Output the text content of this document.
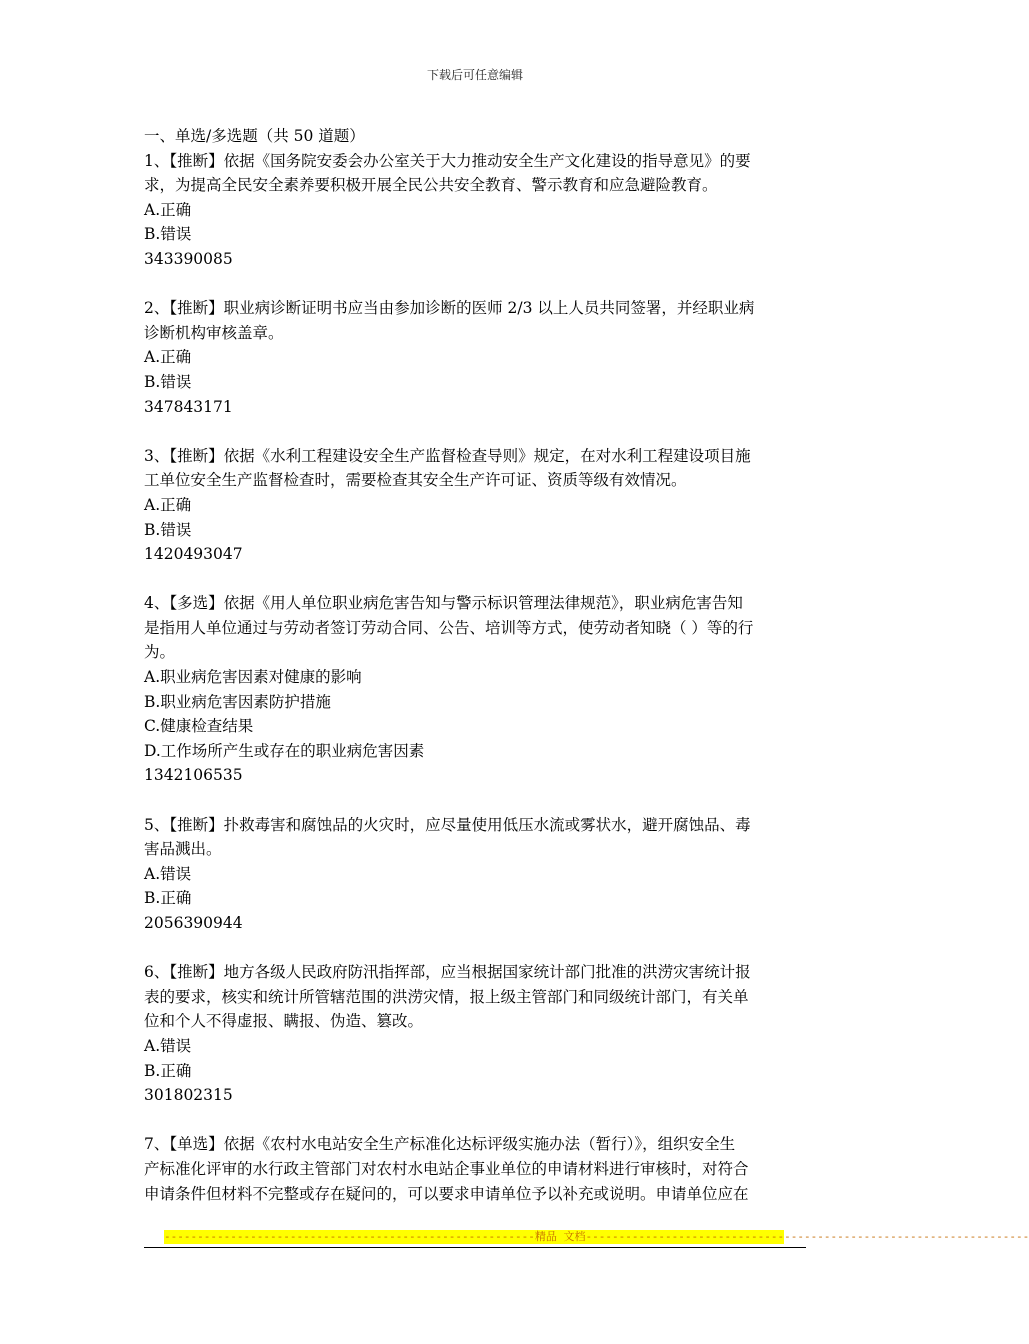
下载后可任意编辑
一、单选/多选题（共 50 道题）
1、【推断】依据《国务院安委会办公室关于大力推动安全生产文化建设的指导意见》的要
求，为提高全民安全素养要积极开展全民公共安全教育、警示教育和应急避险教育。
A.正确
B.错误
343390085
2、【推断】职业病诊断证明书应当由参加诊断的医师 2/3 以上人员共同签署，并经职业病
诊断机构审核盖章。
A.正确
B.错误
347843171
3、【推断】依据《水利工程建设安全生产监督检查导则》规定，在对水利工程建设项目施
工单位安全生产监督检查时，需要检查其安全生产许可证、资质等级有效情况。
A.正确
B.错误
1420493047
4、【多选】依据《用人单位职业病危害告知与警示标识管理法律规范》，职业病危害告知
是指用人单位通过与劳动者签订劳动合同、公告、培训等方式，使劳动者知晓（ ）等的行
为。
A.职业病危害因素对健康的影响
B.职业病危害因素防护措施
C.健康检查结果
D.工作场所产生或存在的职业病危害因素
1342106535
5、【推断】扑救毒害和腐蚀品的火灾时，应尽量使用低压水流或雾状水，避开腐蚀品、毒
害品溅出。
A.错误
B.正确
2056390944
6、【推断】地方各级人民政府防汛指挥部，应当根据国家统计部门批准的洪涝灾害统计报
表的要求，核实和统计所管辖范围的洪涝灾情，报上级主管部门和同级统计部门，有关单
位和个人不得虚报、瞒报、伪造、篡改。
A.错误
B.正确
301802315
7、【单选】依据《农村水电站安全生产标准化达标评级实施办法（暂行）》，组织安全生
产标准化评审的水行政主管部门对农村水电站企事业单位的申请材料进行审核时，对符合
申请条件但材料不完整或存在疑问的，可以要求申请单位予以补充或说明。申请单位应在
--------------------------------------------------------精品 文档-------------------------------------------------------------------
